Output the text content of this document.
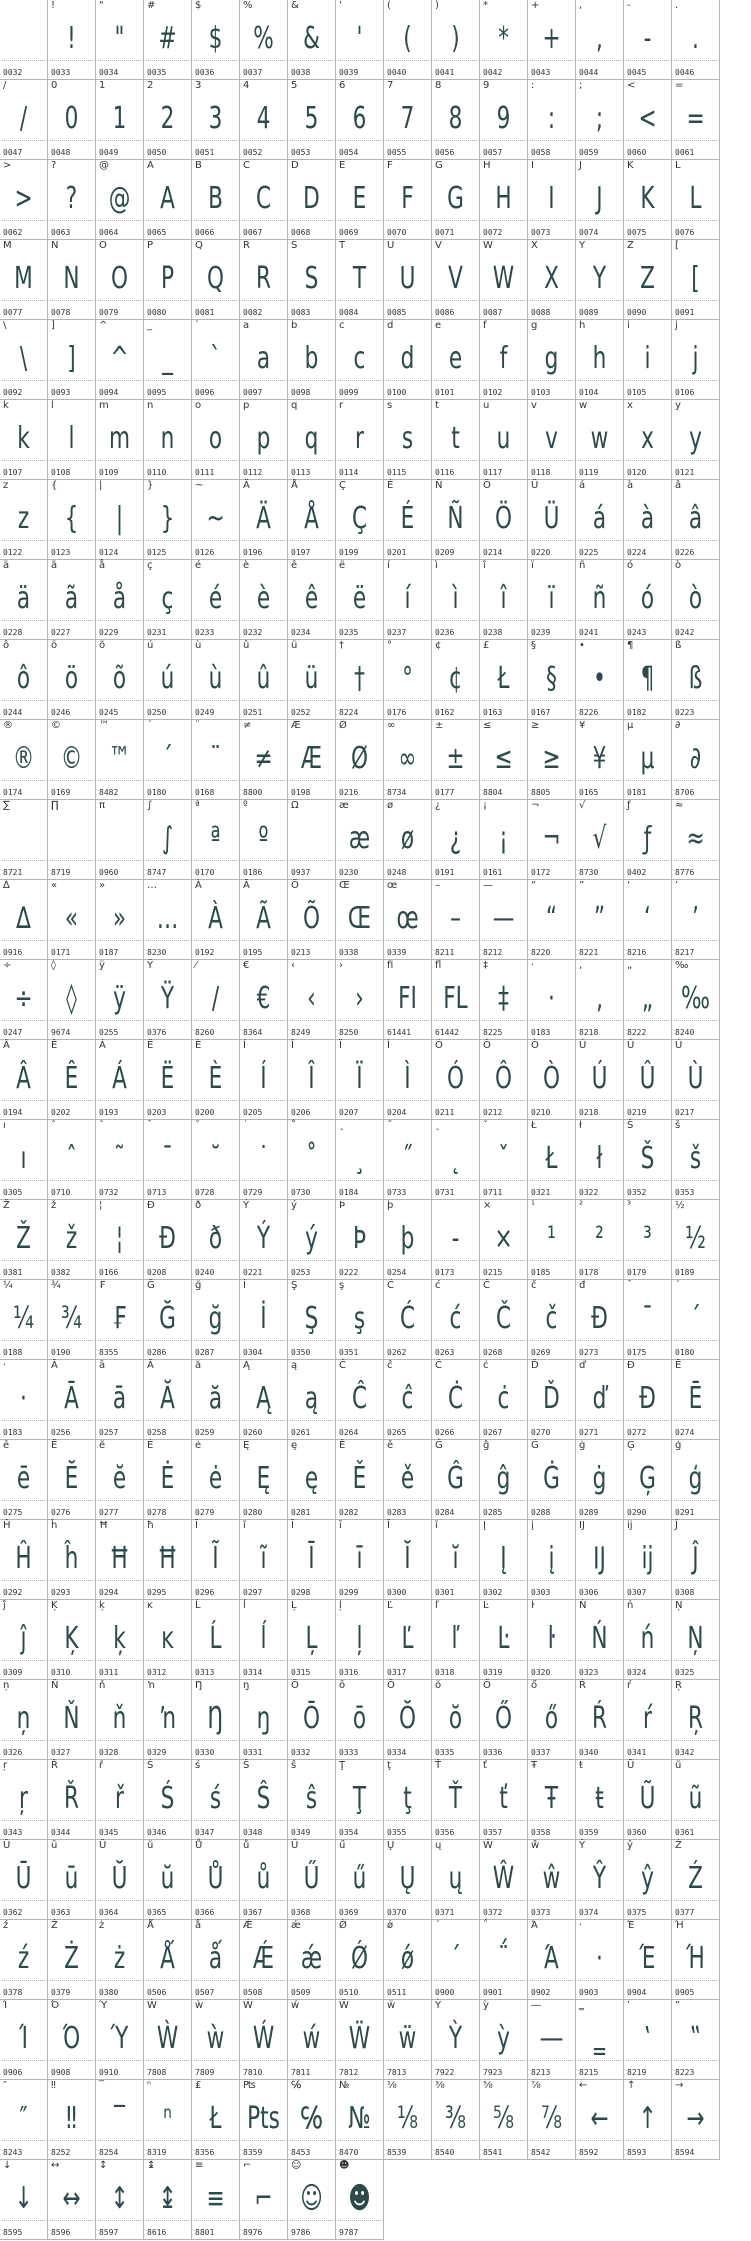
0032
!
!
0033
"
"
0034
#
#
0035
$
$
0036
%
%
0037
&
&
0038
'
'
0039
(
(
0040
)
)
0041
*
*
0042
+
+
0043
,
,
0044
-
-
0045
.
.
0046
/
/
0047
0
0
0048
1
1
0049
2
2
0050
3
3
0051
4
4
0052
5
5
0053
6
6
0054
7
7
0055
8
8
0056
9
9
0057
:
:
0058
;
;
0059
<
<
0060
=
=
0061
>
>
0062
?
?
0063
@
@
0064
A
A
0065
B
B
0066
C
C
0067
D
D
0068
E
E
0069
F
F
0070
G
G
0071
H
H
0072
I
I
0073
J
J
0074
K
K
0075
L
L
0076
M
M
0077
N
N
0078
O
O
0079
P
P
0080
Q
Q
0081
R
R
0082
S
S
0083
T
T
0084
U
U
0085
V
V
0086
W
W
0087
X
X
0088
Y
Y
0089
Z
Z
0090
[
[
0091
\
\
0092
]
]
0093
^
^
0094
_
_
0095
`
`
0096
a
a
0097
b
b
0098
c
c
0099
d
d
0100
e
e
0101
f
f
0102
g
g
0103
h
h
0104
i
i
0105
j
j
0106
k
k
0107
l
l
0108
m
m
0109
n
n
0110
o
o
0111
p
p
0112
q
q
0113
r
r
0114
s
s
0115
t
t
0116
u
u
0117
v
v
0118
w
w
0119
x
x
0120
y
y
0121
z
z
0122
{
{
0123
|
|
0124
}
}
0125
~
~
0126
Ä
Ä
0196
Å
Å
0197
Ç
Ç
0199
É
É
0201
Ñ
Ñ
0209
Ö
Ö
0214
Ü
Ü
0220
á
á
0225
à
à
0224
â
â
0226
ä
ä
0228
ã
ã
0227
å
å
0229
ç
ç
0231
é
é
0233
è
è
0232
ê
ê
0234
ë
ë
0235
í
í
0237
ì
ì
0236
î
î
0238
ï
ï
0239
ñ
ñ
0241
ó
ó
0243
ò
ò
0242
ô
ô
0244
ö
ö
0246
õ
õ
0245
ú
ú
0250
ù
ù
0249
û
û
0251
ü
ü
0252
†
†
8224
°
°
0176
¢
¢
0162
£
Ł
0163
§
§
0167
•
•
8226
¶
¶
0182
ß
ß
0223
®
®
0174
©
©
0169
™
™
8482
´
´
0180
¨
¨
0168
≠
≠
8800
Æ
Æ
0198
Ø
Ø
0216
∞
∞
8734
±
±
0177
≤
≤
8804
≥
≥
8805
¥
¥
0165
µ
µ
0181
∂
∂
8706
∑
8721
∏
8719
π
0960
∫
∫
8747
ª
ª
0170
º
º
0186
Ω
0937
æ
æ
0230
ø
ø
0248
¿
¿
0191
¡
¡
0161
¬
¬
0172
√
√
8730
ƒ
ƒ
0402
≈
≈
8776
∆
∆
0916
«
«
0171
»
»
0187
…
…
8230
À
À
0192
Ã
Ã
0195
Õ
Õ
0213
Œ
Œ
0338
œ
œ
0339
–
–
8211
—
—
8212
“
“
8220
”
”
8221
‘
‘
8216
’
’
8217
÷
÷
0247
◊
◊
9674
ÿ
ÿ
0255
Ÿ
Ÿ
0376
⁄
/
8260
€
€
8364
‹
‹
8249
›
›
8250
fi
FI
61441
fl
FL
61442
‡
‡
8225
·
·
0183
‚
‚
8218
„
„
8222
‰
‰
8240
Â
Â
0194
Ê
Ê
0202
Á
Á
0193
Ë
Ë
0203
È
È
0200
Í
Í
0205
Î
Î
0206
Ï
Ï
0207
Ì
Ì
0204
Ó
Ó
0211
Ô
Ô
0212
Ò
Ò
0210
Ú
Ú
0218
Û
Û
0219
Ù
Ù
0217
ı
ı
0305
ˆ
ˆ
0710
˜
˜
0732
ˉ
ˉ
0713
˘
˘
0728
˙
˙
0729
˚
˚
0730
¸
¸
0184
˝
˝
0733
˛
˛
0731
ˇ
ˇ
0711
Ł
Ł
0321
ł
ł
0322
Š
Š
0352
š
š
0353
Ž
Ž
0381
ž
ž
0382
¦
¦
0166
Ð
Ð
0208
ð
ð
0240
Ý
Ý
0221
ý
ý
0253
Þ
Þ
0222
þ
þ
0254
-
0173
×
×
0215
¹
¹
0185
²
²
0178
³
³
0179
½
½
0189
¼
¼
0188
¾
¾
0190
₣
₣
8355
Ğ
Ğ
0286
ğ
ğ
0287
İ
İ
0304
Ş
Ş
0350
ş
ş
0351
Ć
Ć
0262
ć
ć
0263
Č
Č
0268
č
č
0269
đ
Đ
0273
¯
¯
0175
´
´
0180
·
·
0183
Ā
Ā
0256
ā
ā
0257
Ă
Ă
0258
ă
ă
0259
Ą
Ą
0260
ą
ą
0261
Ĉ
Ĉ
0264
ĉ
ĉ
0265
Ċ
Ċ
0266
ċ
ċ
0267
Ď
Ď
0270
ď
ď
0271
Đ
Đ
0272
Ē
Ē
0274
ē
ē
0275
Ĕ
Ĕ
0276
ĕ
ĕ
0277
Ė
Ė
0278
ė
ė
0279
Ę
Ę
0280
ę
ę
0281
Ě
Ě
0282
ě
ě
0283
Ĝ
Ĝ
0284
ĝ
ĝ
0285
Ġ
Ġ
0288
ġ
ġ
0289
Ģ
Ģ
0290
ģ
ģ
0291
Ĥ
Ĥ
0292
ĥ
ĥ
0293
Ħ
Ħ
0294
ħ
Ħ
0295
Ĩ
Ĩ
0296
ĩ
ĩ
0297
Ī
Ī
0298
ī
ī
0299
Ĭ
Ĭ
0300
ĭ
ĭ
0301
Į
Į
0302
į
į
0303
Ĳ
Ĳ
0306
ĳ
ĳ
0307
Ĵ
Ĵ
0308
ĵ
ĵ
0309
Ķ
Ķ
0310
ķ
ķ
0311
ĸ
ĸ
0312
Ĺ
Ĺ
0313
ĺ
ĺ
0314
Ļ
Ļ
0315
ļ
ļ
0316
Ľ
Ľ
0317
ľ
ľ
0318
Ŀ
Ŀ
0319
ŀ
ŀ
0320
Ń
Ń
0323
ń
ń
0324
Ņ
Ņ
0325
ņ
ņ
0326
Ň
Ň
0327
ň
ň
0328
ŉ
ŉ
0329
Ŋ
Ŋ
0330
ŋ
ŋ
0331
Ō
Ō
0332
ō
ō
0333
Ŏ
Ŏ
0334
ŏ
ŏ
0335
Ő
Ő
0336
ő
ő
0337
Ŕ
Ŕ
0340
ŕ
ŕ
0341
Ŗ
Ŗ
0342
ŗ
ŗ
0343
Ř
Ř
0344
ř
ř
0345
Ś
Ś
0346
ś
ś
0347
Ŝ
Ŝ
0348
ŝ
ŝ
0349
Ţ
Ţ
0354
ţ
ţ
0355
Ť
Ť
0356
ť
ť
0357
Ŧ
Ŧ
0358
ŧ
ŧ
0359
Ũ
Ũ
0360
ũ
ũ
0361
Ū
Ū
0362
ū
ū
0363
Ŭ
Ŭ
0364
ŭ
ŭ
0365
Ů
Ů
0366
ů
ů
0367
Ű
Ű
0368
ű
ű
0369
Ų
Ų
0370
ų
ų
0371
Ŵ
Ŵ
0372
ŵ
ŵ
0373
Ŷ
Ŷ
0374
ŷ
ŷ
0375
Ź
Ź
0377
ź
ź
0378
Ż
Ż
0379
ż
ż
0380
Ǻ
Ǻ
0506
ǻ
ǻ
0507
Ǽ
Ǽ
0508
ǽ
ǽ
0509
Ǿ
Ǿ
0510
ǿ
ǿ
0511
΄
΄
0900
΅
΅
0901
Ά
Ά
0902
·
·
0903
Έ
Έ
0904
Ή
Ή
0905
Ί
Ί
0906
Ό
Ό
0908
Ύ
Ύ
0910
Ẁ
Ẁ
7808
ẁ
ẁ
7809
Ẃ
Ẃ
7810
ẃ
ẃ
7811
Ẅ
Ẅ
7812
ẅ
ẅ
7813
Ỳ
Ỳ
7922
ỳ
ỳ
7923
―
―
8213
‗
‗
8215
‛
‛
8219
‟
‟
8223
″
″
8243
‼
‼
8252
‾
‾
8254
ⁿ
ⁿ
8319
₤
Ł
8356
₧
Pts
8359
℅
℅
8453
№
№
8470
⅛
⅛
8539
⅜
⅜
8540
⅝
⅝
8541
⅞
⅞
8542
←
←
8592
↑
↑
8593
→
→
8594
↓
↓
8595
↔
↔
8596
↕
↕
8597
↨
↨
8616
≡
≡
8801
⌐
⌐
8976
☺
☺
9786
☻
☻
9787
